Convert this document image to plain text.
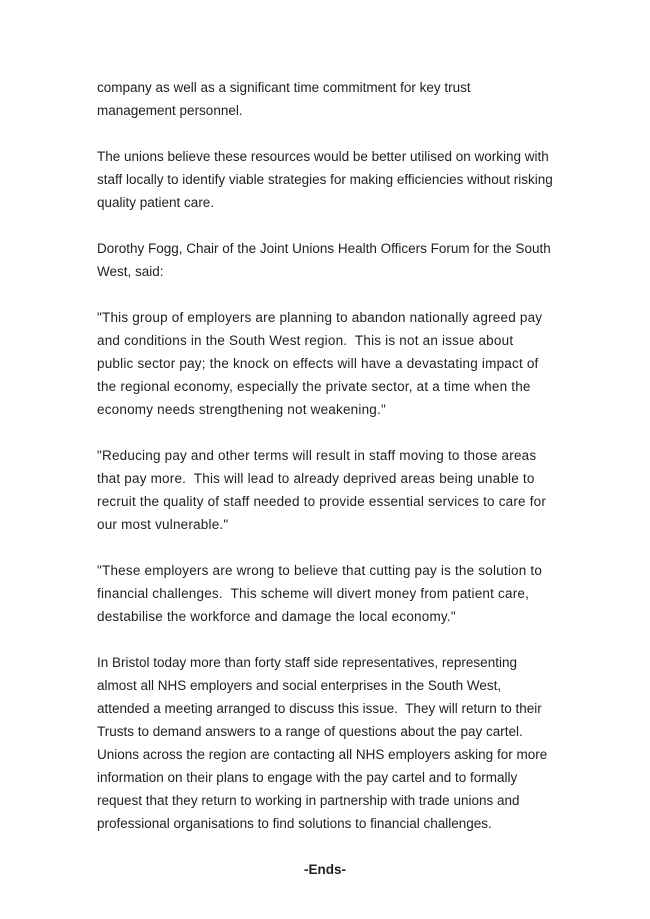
company as well as a significant time commitment for key trust management personnel.

The unions believe these resources would be better utilised on working with staff locally to identify viable strategies for making efficiencies without risking quality patient care.

Dorothy Fogg, Chair of the Joint Unions Health Officers Forum for the South West, said:

"This group of employers are planning to abandon nationally agreed pay and conditions in the South West region.  This is not an issue about public sector pay; the knock on effects will have a devastating impact of the regional economy, especially the private sector, at a time when the economy needs strengthening not weakening."

"Reducing pay and other terms will result in staff moving to those areas that pay more.  This will lead to already deprived areas being unable to recruit the quality of staff needed to provide essential services to care for our most vulnerable."

"These employers are wrong to believe that cutting pay is the solution to financial challenges.  This scheme will divert money from patient care, destabilise the workforce and damage the local economy."

In Bristol today more than forty staff side representatives, representing almost all NHS employers and social enterprises in the South West, attended a meeting arranged to discuss this issue.  They will return to their Trusts to demand answers to a range of questions about the pay cartel.  Unions across the region are contacting all NHS employers asking for more information on their plans to engage with the pay cartel and to formally request that they return to working in partnership with trade unions and professional organisations to find solutions to financial challenges.

-Ends-
